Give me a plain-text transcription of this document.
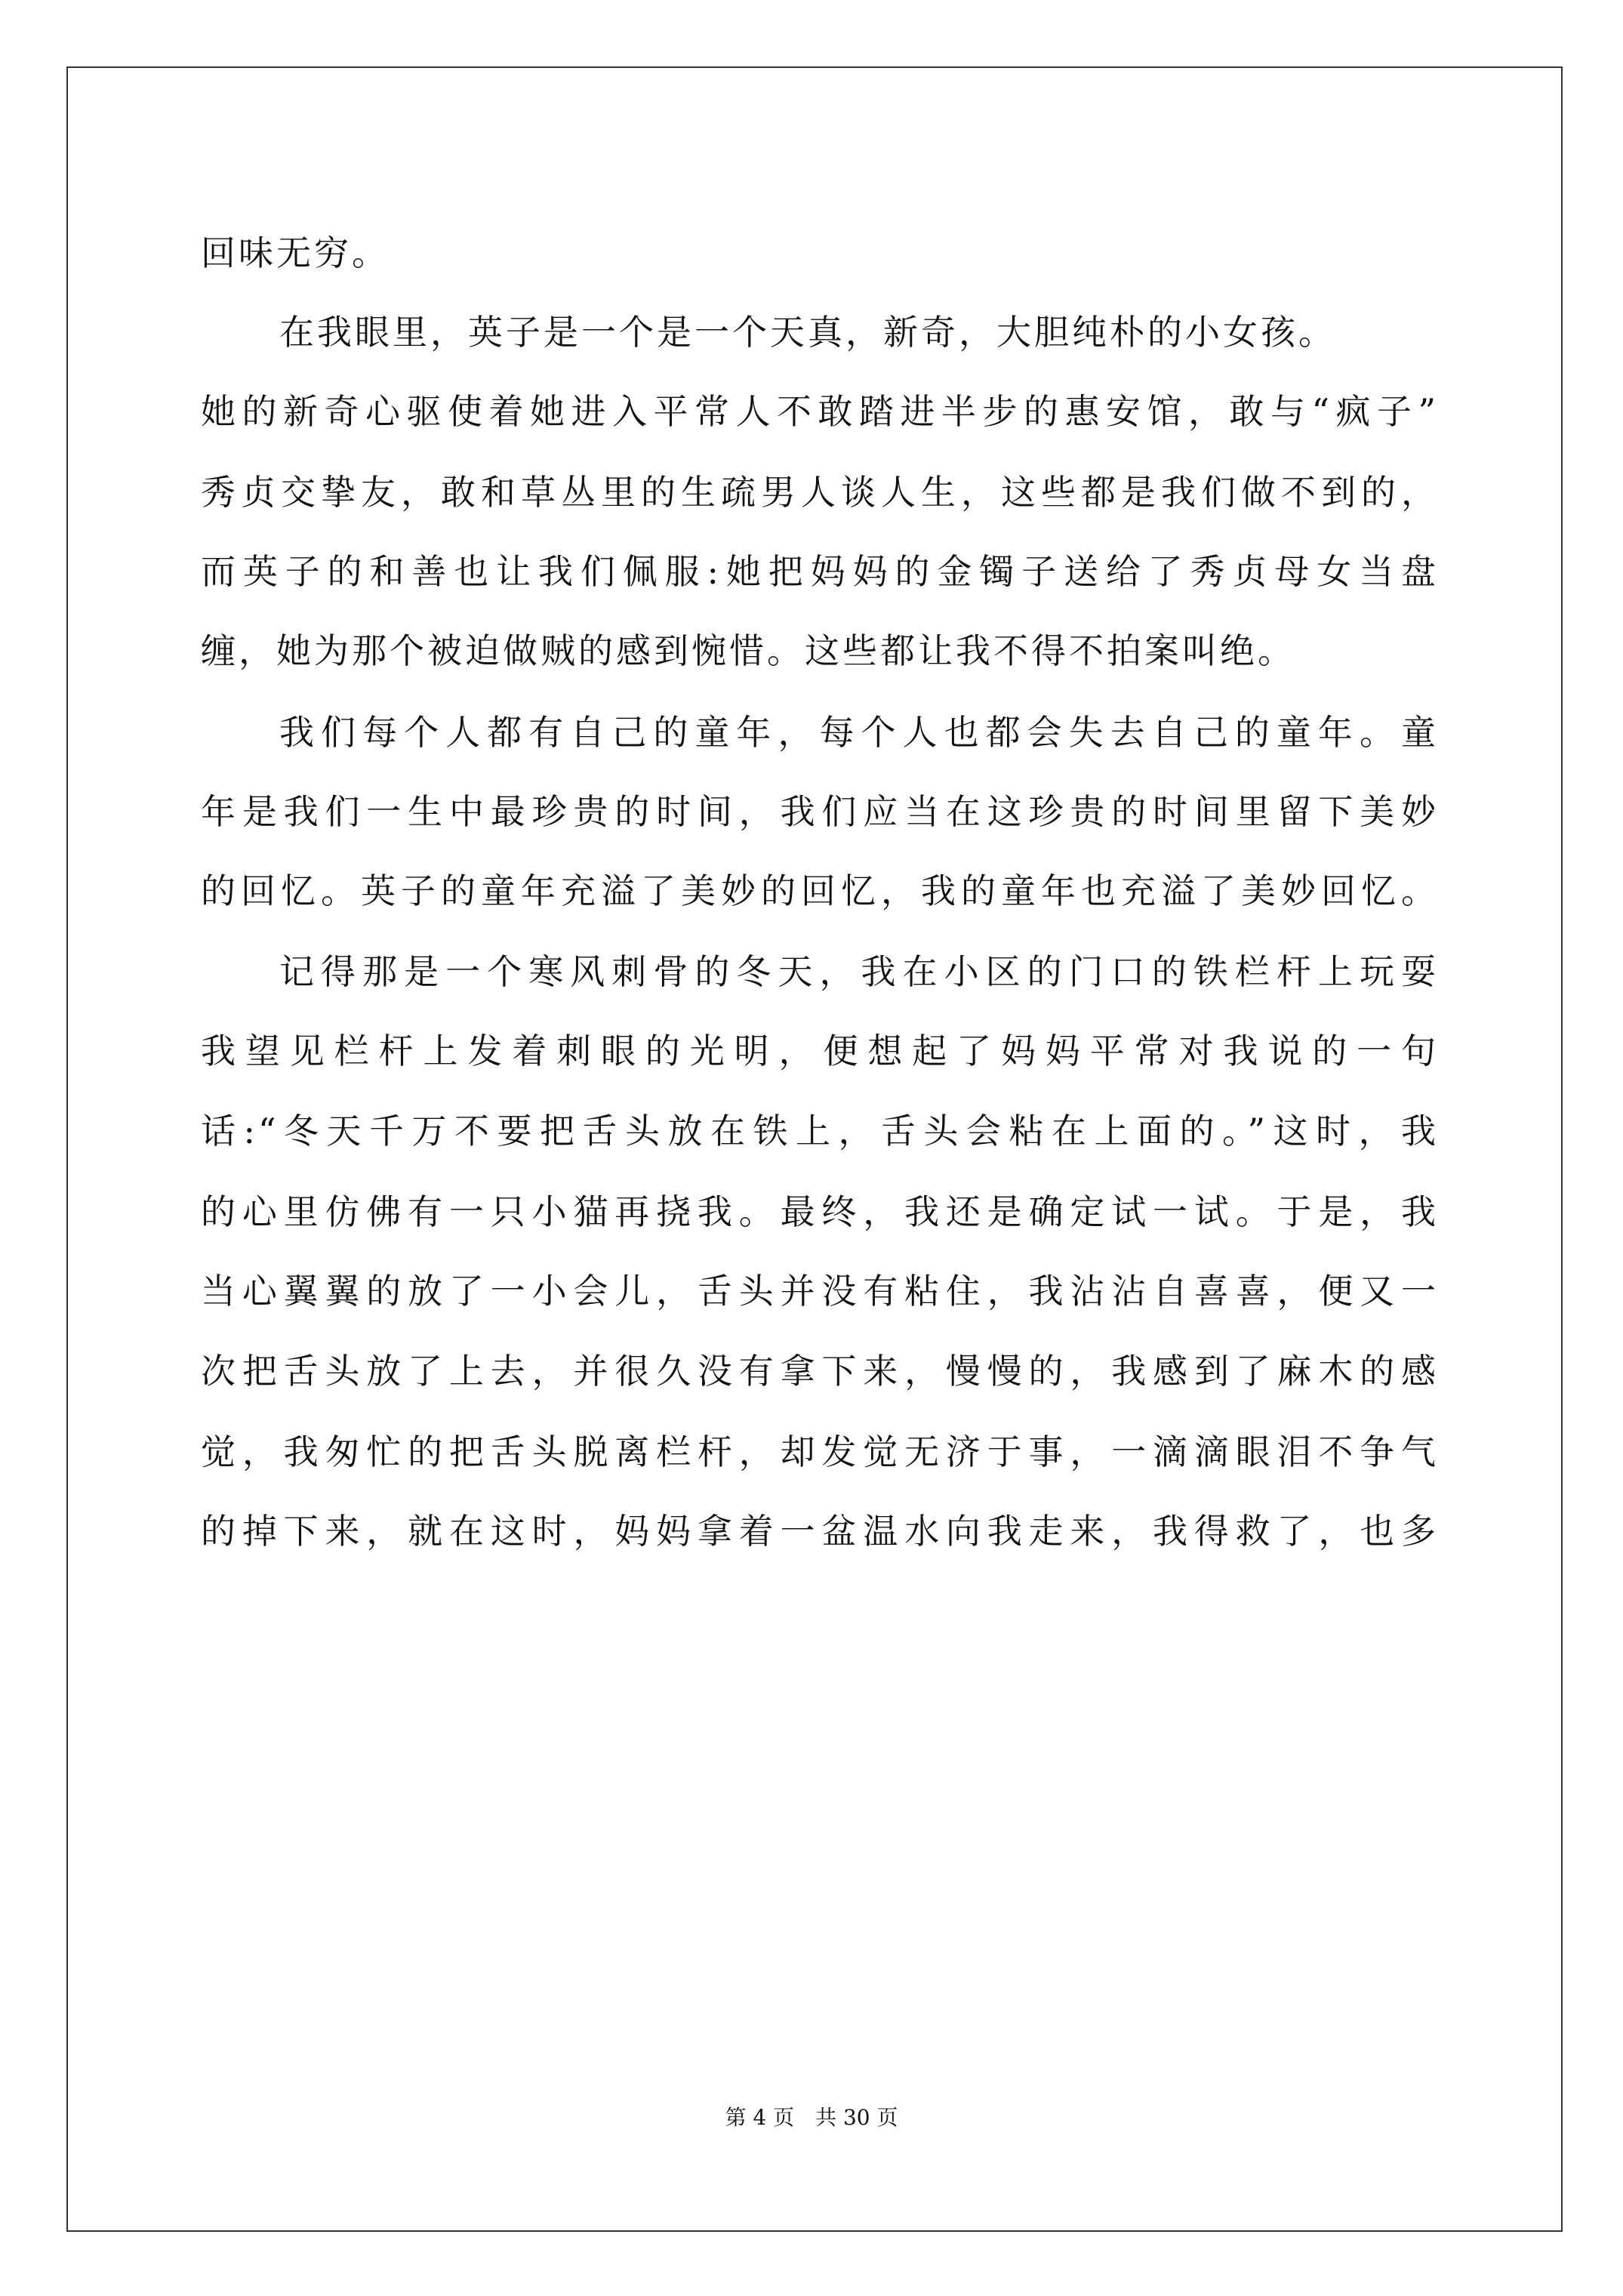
回味无穷。
在我眼里，英子是一个是一个天真，新奇，大胆纯朴的小女孩。
她的新奇心驱使着她进入平常人不敢踏进半步的惠安馆，敢与“疯子”
秀贞交挚友，敢和草丛里的生疏男人谈人生，这些都是我们做不到的，
而英子的和善也让我们佩服:她把妈妈的金镯子送给了秀贞母女当盘
缠，她为那个被迫做贼的感到惋惜。这些都让我不得不拍案叫绝。
我们每个人都有自己的童年，每个人也都会失去自己的童年。童
年是我们一生中最珍贵的时间，我们应当在这珍贵的时间里留下美妙
的回忆。英子的童年充溢了美妙的回忆，我的童年也充溢了美妙回忆。
记得那是一个寒风刺骨的冬天，我在小区的门口的铁栏杆上玩耍
我望见栏杆上发着刺眼的光明，便想起了妈妈平常对我说的一句
话:“冬天千万不要把舌头放在铁上，舌头会粘在上面的。”这时，我
的心里仿佛有一只小猫再挠我。最终，我还是确定试一试。于是，我
当心翼翼的放了一小会儿，舌头并没有粘住，我沾沾自喜喜，便又一
次把舌头放了上去，并很久没有拿下来，慢慢的，我感到了麻木的感
觉，我匆忙的把舌头脱离栏杆，却发觉无济于事，一滴滴眼泪不争气
的掉下来，就在这时，妈妈拿着一盆温水向我走来，我得救了，也多
第 4 页　共 30 页
